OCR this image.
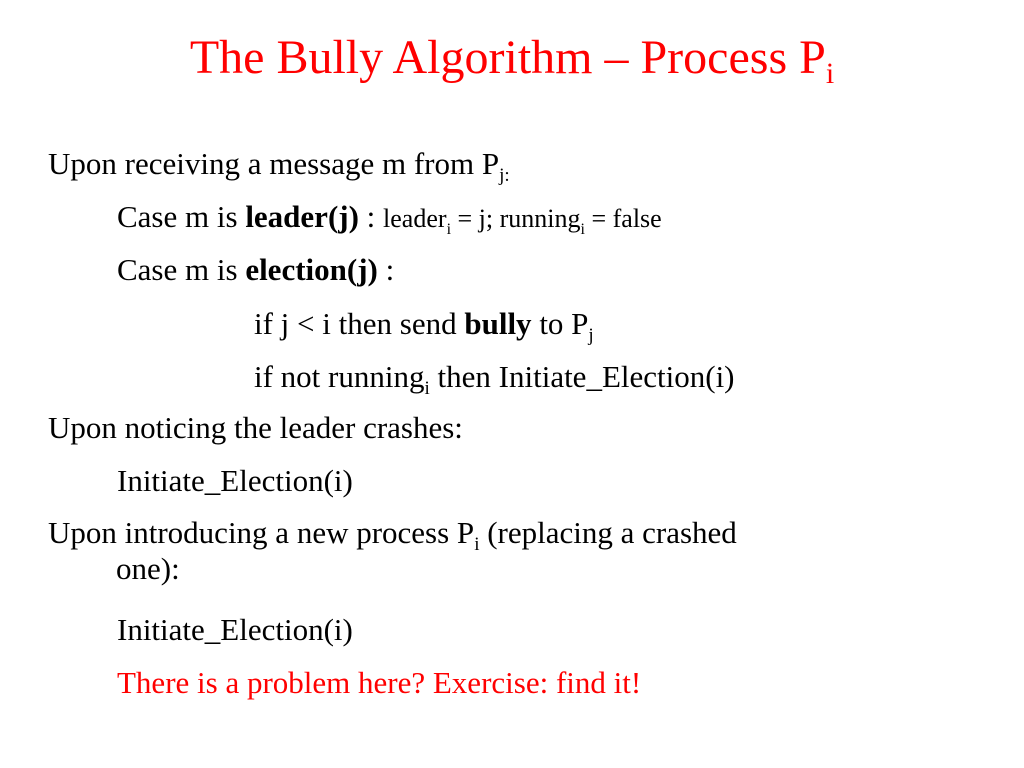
The Bully Algorithm – Process $P_i$
Upon receiving a message m from $P_{j:}$
Case m is leader(j) : leader$_i$ = j; running$_i$ = false
Case m is election(j) :
if j < i then send bully to $P_j$
if not running$_i$ then Initiate_Election(i)
Upon noticing the leader crashes:
Initiate_Election(i)
Upon introducing a new process $P_i$ (replacing a crashed
one):
Initiate_Election(i)
There is a problem here? Exercise: find it!
